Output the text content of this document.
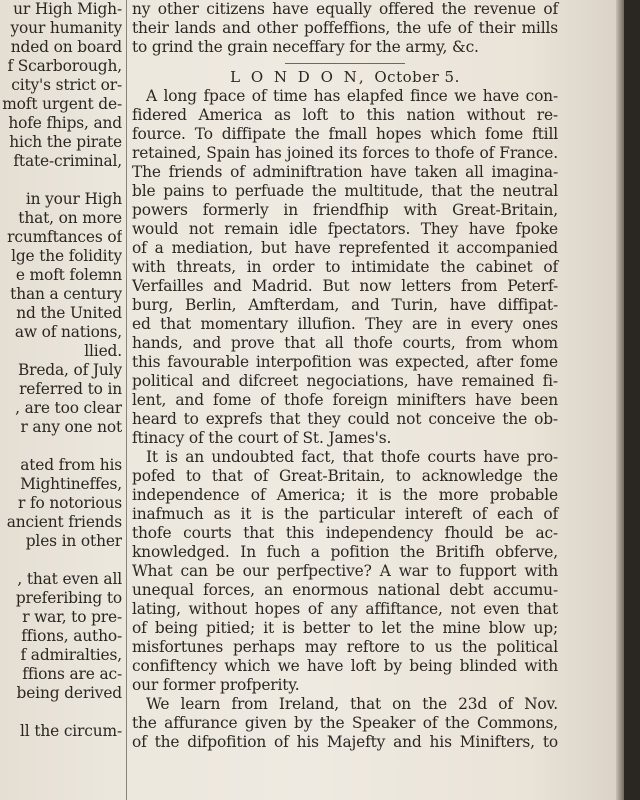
ur High Migh-
your humanity
nded on board
f Scarborough,
city's strict or-
moft urgent de-
hofe fhips, and
hich the pirate
ftate-criminal,

in your High
that, on more
rcumftances of
lge the folidity
e moft folemn
than a century
nd the United
aw of nations,
llied.
Breda, of July
referred to in
, are too clear
r any one not

ated from his
Mightineffes,
r fo notorious
ancient friends
ples in other

, that even all
preferibing to
r war, to pre-
ffions, autho-
f admiralties,
ffions are ac-
being derived

ll the circum-
ny other citizens have equally offered the revenue of
their lands and other poffeffions, the ufe of their mills
to grind the grain neceffary for the army, &c.
L O N D O N, October 5.
A long fpace of time has elapfed fince we have con-
fidered America as loft to this nation without re-
fource. To diffipate the fmall hopes which fome ftill
retained, Spain has joined its forces to thofe of France.
The friends of adminiftration have taken all imagina-
ble pains to perfuade the multitude, that the neutral
powers formerly in friendfhip with Great-Britain,
would not remain idle fpectators. They have fpoke
of a mediation, but have reprefented it accompanied
with threats, in order to intimidate the cabinet of
Verfailles and Madrid. But now letters from Peterf-
burg, Berlin, Amfterdam, and Turin, have diffipat-
ed that momentary illufion. They are in every ones
hands, and prove that all thofe courts, from whom
this favourable interpofition was expected, after fome
political and difcreet negociations, have remained fi-
lent, and fome of thofe foreign minifters have been
heard to exprefs that they could not conceive the ob-
ftinacy of the court of St. James's.
It is an undoubted fact, that thofe courts have pro-
pofed to that of Great-Britain, to acknowledge the
independence of America; it is the more probable
inafmuch as it is the particular intereft of each of
thofe courts that this independency fhould be ac-
knowledged. In fuch a pofition the Britifh obferve,
What can be our perfpective? A war to fupport with
unequal forces, an enormous national debt accumu-
lating, without hopes of any affiftance, not even that
of being pitied; it is better to let the mine blow up;
misfortunes perhaps may reftore to us the political
confiftency which we have loft by being blinded with
our former profperity.
We learn from Ireland, that on the 23d of Nov.
the affurance given by the Speaker of the Commons,
of the difpofition of his Majefty and his Minifters, to
